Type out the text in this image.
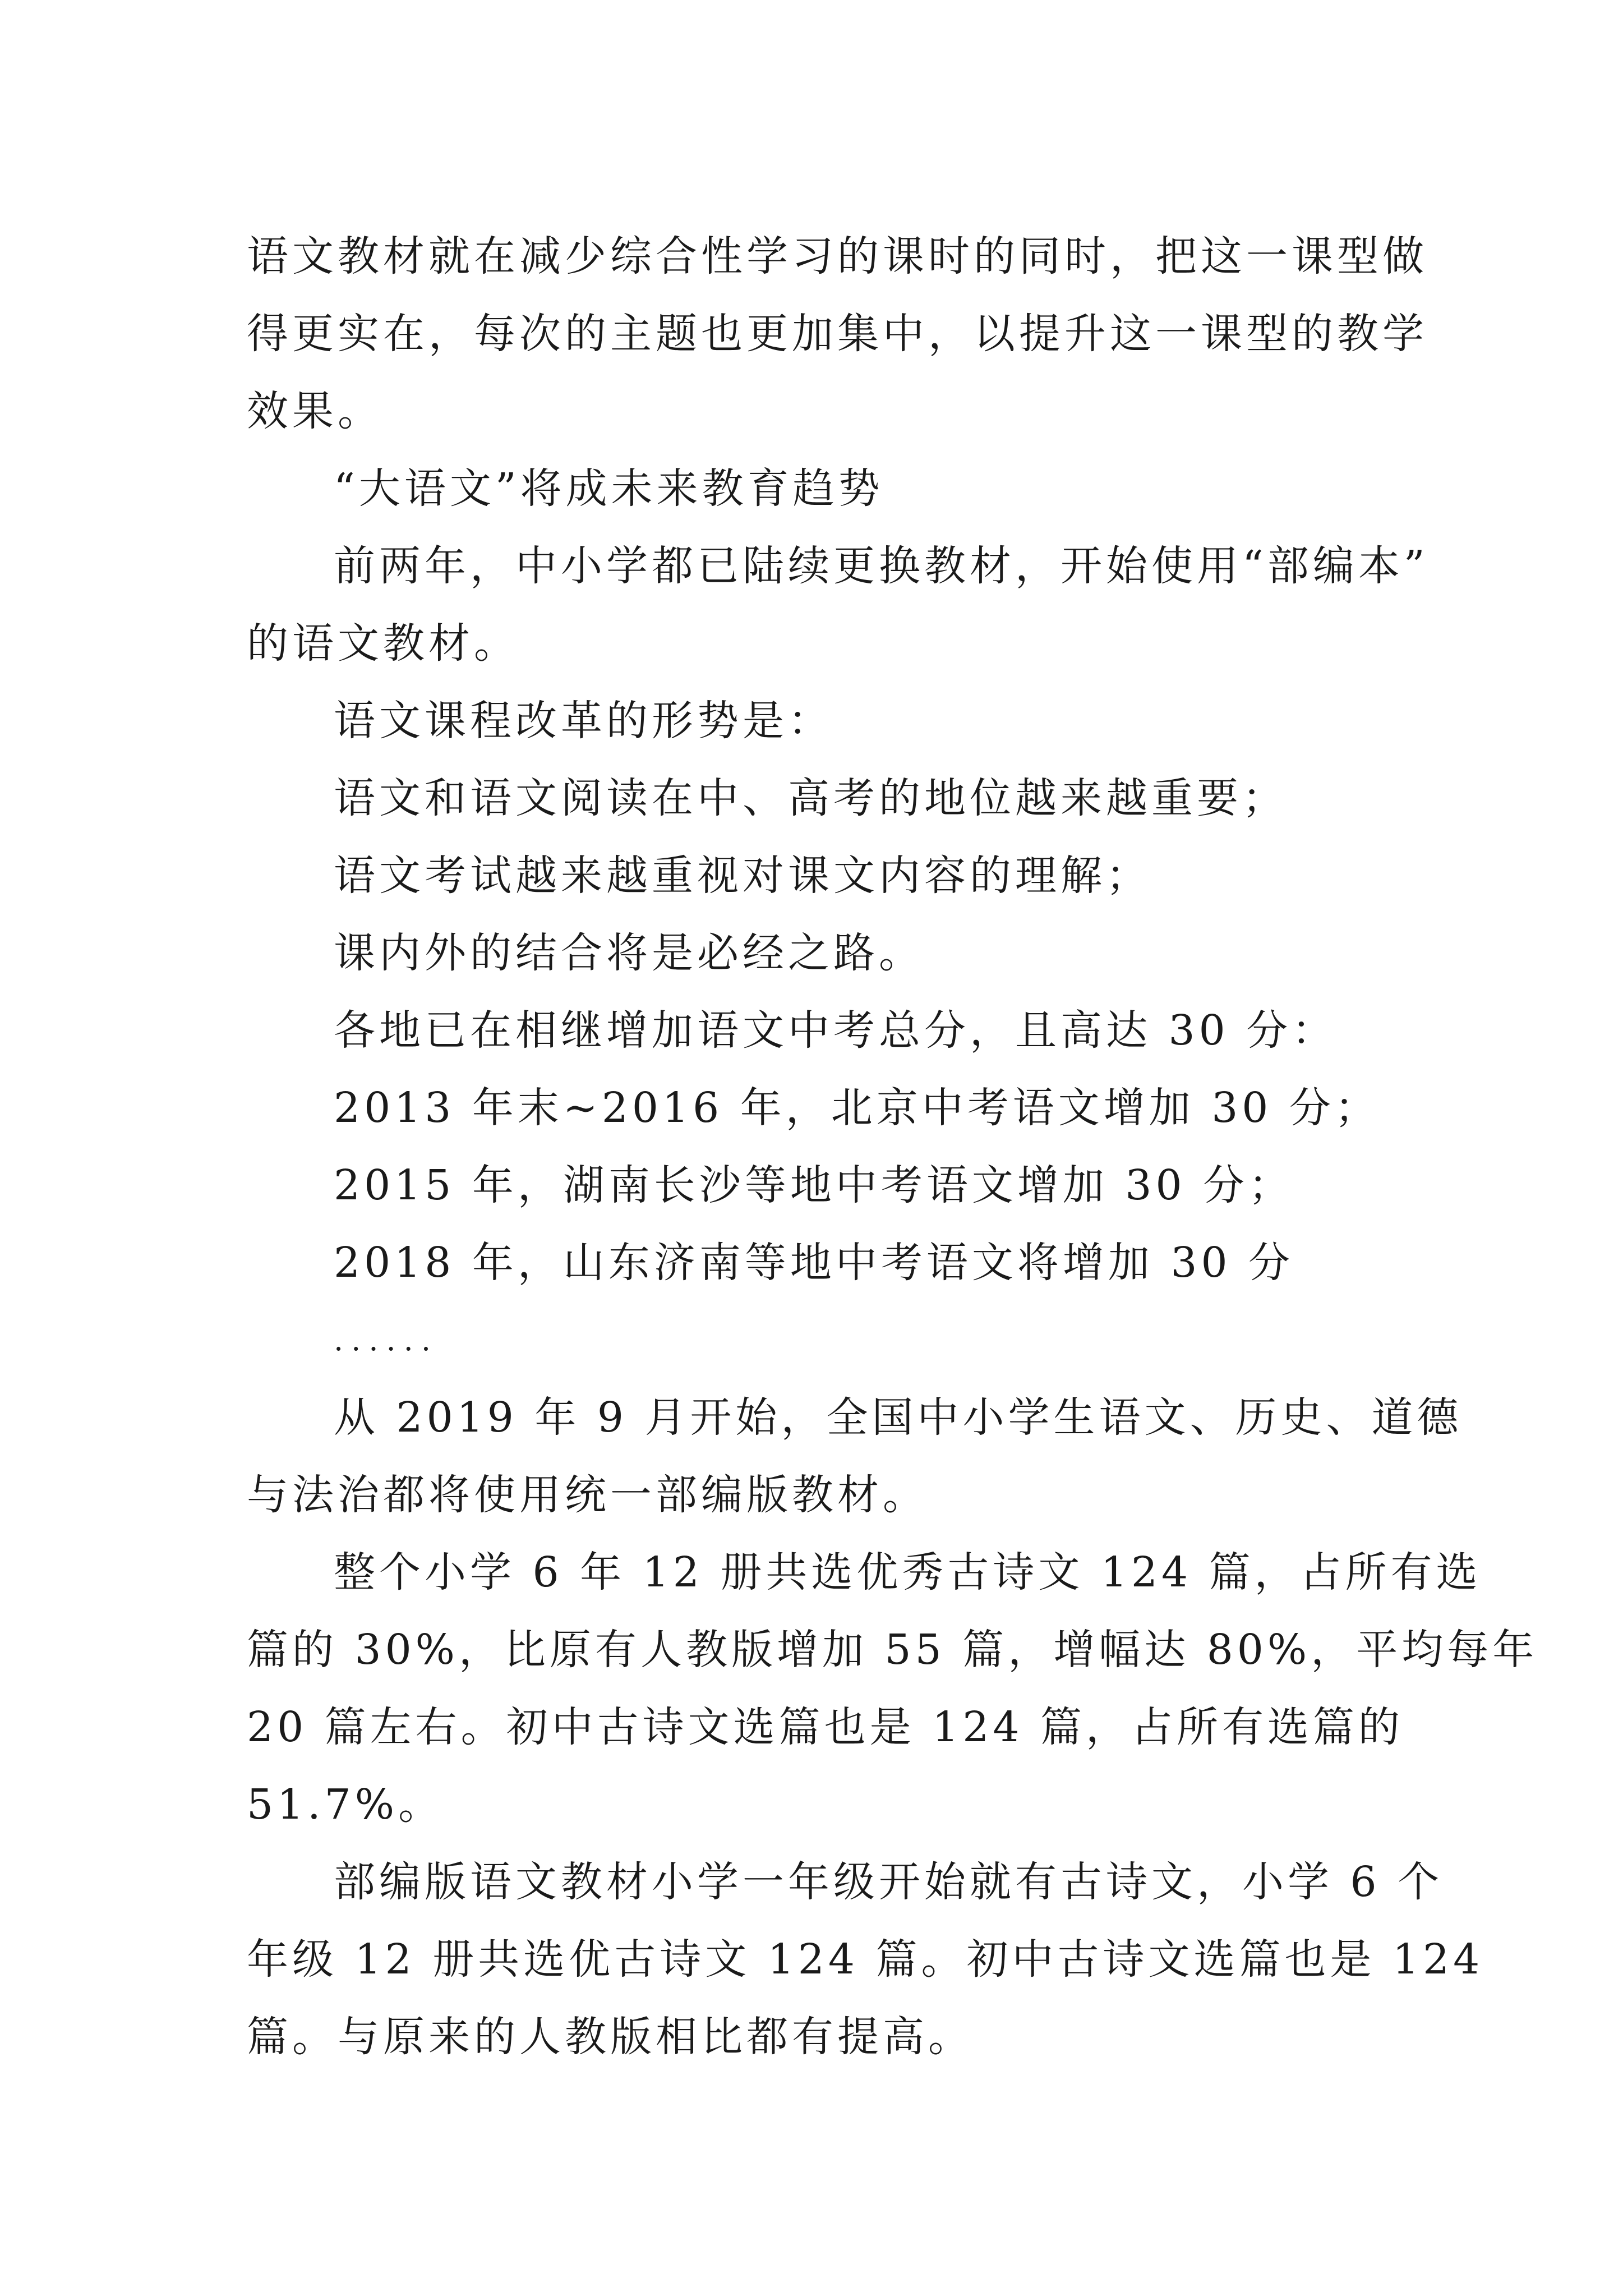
语文教材就在减少综合性学习的课时的同时，把这一课型做
得更实在，每次的主题也更加集中，以提升这一课型的教学
效果。
“大语文”将成未来教育趋势
前两年，中小学都已陆续更换教材，开始使用“部编本”
的语文教材。
语文课程改革的形势是：
语文和语文阅读在中、高考的地位越来越重要；
语文考试越来越重视对课文内容的理解；
课内外的结合将是必经之路。
各地已在相继增加语文中考总分，且高达 30 分：
2013 年末~2016 年，北京中考语文增加 30 分；
2015 年，湖南长沙等地中考语文增加 30 分；
2018 年，山东济南等地中考语文将增加 30 分
......
从 2019 年 9 月开始，全国中小学生语文、历史、道德
与法治都将使用统一部编版教材。
整个小学 6 年 12 册共选优秀古诗文 124 篇，占所有选
篇的 30%，比原有人教版增加 55 篇，增幅达 80%，平均每年
20 篇左右。初中古诗文选篇也是 124 篇，占所有选篇的
51.7%。
部编版语文教材小学一年级开始就有古诗文，小学 6 个
年级 12 册共选优古诗文 124 篇。初中古诗文选篇也是 124
篇。与原来的人教版相比都有提高。
